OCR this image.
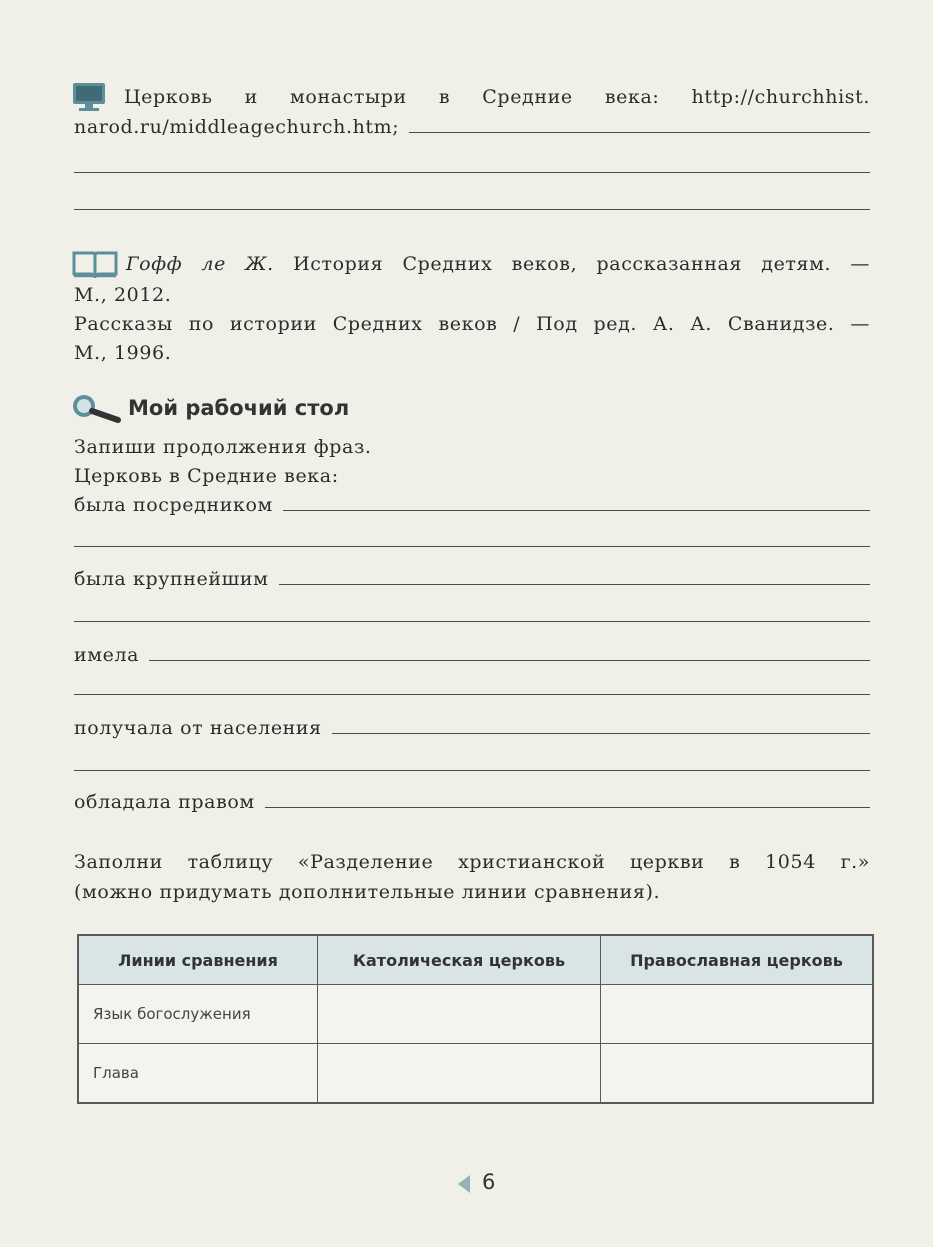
Церковь и монастыри в Средние века: http://churchhist.
narod.ru/middleagechurch.htm;
Гофф ле Ж. История Средних веков, рассказанная детям. —
М., 2012.
Рассказы по истории Средних веков / Под ред. А. А. Сванидзе. —
М., 1996.
Мой рабочий стол
Запиши продолжения фраз.
Церковь в Средние века:
была посредником
была крупнейшим
имела
получала от населения
обладала правом
Заполни таблицу «Разделение христианской церкви в 1054 г.»
(можно придумать дополнительные линии сравнения).
Линии сравнения	Католическая церковь	Православная церковь
Язык богослужения		
Глава		
6
